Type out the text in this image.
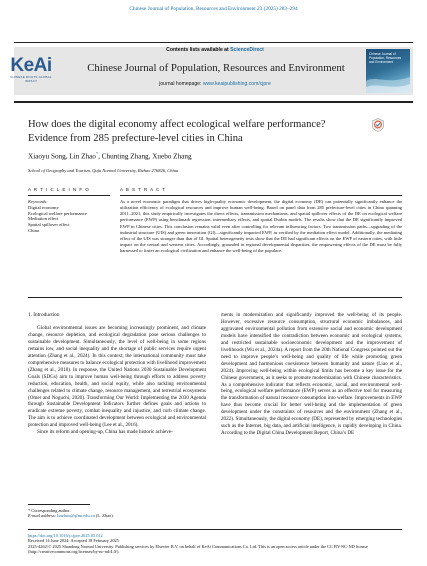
Chinese Journal of Population, Resources and Environment 23 (2025) 283–294
KeAi
CHINESE ROOTS GLOBAL IMPACT
Contents lists available at ScienceDirect
Chinese Journal of Population, Resources and Environment
journal homepage: www.keaipublishing.com/cjpre
Chinese Journal of Population, Resources and Environment
How does the digital economy affect ecological welfare performance?
Evidence from 285 prefecture-level cities in China
Xiaoyu Song, Lin Zhao*, Chunting Zhang, Xuebo Zhang
School of Geography and Tourism, Qufu Normal University, Rizhao 276826, China
A R T I C L E I N F O	A B S T R A C T
Keywords:
Digital economy
Ecological welfare performance
Mediation effect
Spatial spillover effect
China
As a novel economic paradigm that drives high-quality economic development, the digital economy (DE) can potentially significantly enhance the utilization efficiency of ecological resources and improve human well-being. Based on panel data from 285 prefecture-level cities in China spanning 2011–2021, this study empirically investigates the direct effects, transmission mechanisms, and spatial spillover effects of the DE on ecological welfare performance (EWP) using benchmark regression, intermediary effects, and spatial Durbin models. The results show that the DE significantly improved EWP in Chinese cities. This conclusion remains valid even after controlling for relevant influencing factors. Two transmission paths—upgrading of the industrial structure (UIS) and green innovation (GI)—significantly impacted EWP, as verified by the mediation effect model. Additionally, the mediating effect of the UIS was stronger than that of GI. Spatial heterogeneity tests show that the DE had significant effects on the EWP of eastern cities, with little impact on the central and western cities. Accordingly, grounded in regional developmental disparities, the empowering effects of the DE must be fully harnessed to foster an ecological civilization and enhance the well-being of the populace.
1. Introduction

Global environmental issues are becoming increasingly prominent, and climate change, resource depletion, and ecological degradation pose serious challenges to sustainable development. Simultaneously, the level of well-being in some regions remains low, and social inequality and the shortage of public services require urgent attention (Zhang et al., 2024). In this context, the international community must take comprehensive measures to balance ecological protection with livelihood improvement (Zhang et al., 2018). In response, the United Nations 2030 Sustainable Development Goals (SDGs) aim to improve human well-being through efforts to address poverty reduction, education, health, and social equity, while also tackling environmental challenges related to climate change, resource management, and terrestrial ecosystems (Omer and Noguchi, 2020). Transforming Our World: Implementing the 2030 Agenda through Sustainable Development Indicators further defines goals and actions to eradicate extreme poverty, combat inequality and injustice, and curb climate change. The aim is to achieve coordinated development between ecological and environmental protection and improved well-being (Lee et al., 2016).

Since its reform and opening-up, China has made historic achieve-

ments in modernization and significantly improved the well-being of its people. However, excessive resource consumption, structural economic imbalances, and aggravated environmental pollution from extensive social and economic development models have intensified the contradiction between economic and ecological systems, and restricted sustainable socioeconomic development and the improvement of livelihoods (Wu et al., 2024a). A report from the 20th National Congress pointed out the need to improve people’s well-being and quality of life while promoting green development and harmonious coexistence between humanity and nature (Liao et al., 2024). Improving well-being within ecological limits has become a key issue for the Chinese government, as it seeks to promote modernization with Chinese characteristics. As a comprehensive indicator that reflects economic, social, and environmental well-being, ecological welfare performance (EWP) serves as an effective tool for measuring the transformation of natural resource consumption into welfare. Improvements in EWP have thus become crucial for better well-being and the implementation of green development under the constraints of resources and the environment (Zhang et al., 2022). Simultaneously, the digital economy (DE), represented by emerging technologies such as the Internet, big data, and artificial intelligence, is rapidly developing in China. According to the Digital China Development Report, China’s DE

* Corresponding author.
E-mail address: linzhao@qfnu.edu.cn (L. Zhao).
https://doi.org/10.1016/j.cjpre.2025.05.012
Received 14 June 2024; Accepted 18 February 2025
2325-4262/© 2025 Shandong Normal University. Publishing services by Elsevier B.V. on behalf of KeAi Communications Co. Ltd. This is an open access article under the CC BY-NC-ND license (http://creativecommons.org/licenses/by-nc-nd/4.0/).
